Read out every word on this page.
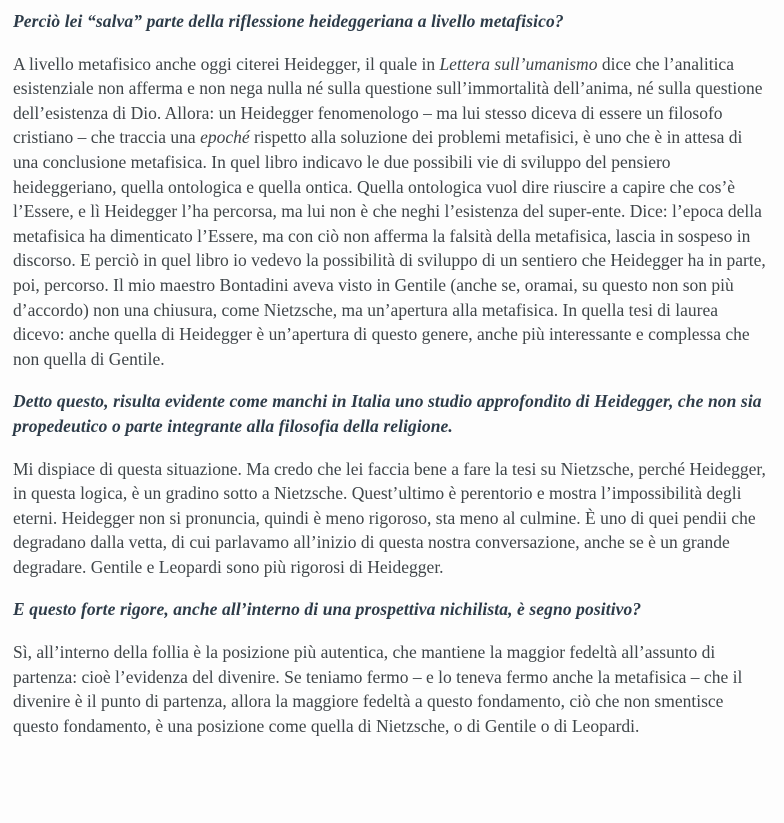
Perciò lei “salva” parte della riflessione heideggeriana a livello metafisico?

A livello metafisico anche oggi citerei Heidegger, il quale in Lettera sull’umanismo dice che l’analitica esistenziale non afferma e non nega nulla né sulla questione sull’immortalità dell’anima, né sulla questione dell’esistenza di Dio. Allora: un Heidegger fenomenologo – ma lui stesso diceva di essere un filosofo cristiano – che traccia una epoché rispetto alla soluzione dei problemi metafisici, è uno che è in attesa di una conclusione metafisica. In quel libro indicavo le due possibili vie di sviluppo del pensiero heideggeriano, quella ontologica e quella ontica. Quella ontologica vuol dire riuscire a capire che cos’è l’Essere, e lì Heidegger l’ha percorsa, ma lui non è che neghi l’esistenza del super-ente. Dice: l’epoca della metafisica ha dimenticato l’Essere, ma con ciò non afferma la falsità della metafisica, lascia in sospeso in discorso. E perciò in quel libro io vedevo la possibilità di sviluppo di un sentiero che Heidegger ha in parte, poi, percorso. Il mio maestro Bontadini aveva visto in Gentile (anche se, oramai, su questo non son più d’accordo) non una chiusura, come Nietzsche, ma un’apertura alla metafisica. In quella tesi di laurea dicevo: anche quella di Heidegger è un’apertura di questo genere, anche più interessante e complessa che non quella di Gentile.

Detto questo, risulta evidente come manchi in Italia uno studio approfondito di Heidegger, che non sia propedeutico o parte integrante alla filosofia della religione.

Mi dispiace di questa situazione. Ma credo che lei faccia bene a fare la tesi su Nietzsche, perché Heidegger, in questa logica, è un gradino sotto a Nietzsche. Quest’ultimo è perentorio e mostra l’impossibilità degli eterni. Heidegger non si pronuncia, quindi è meno rigoroso, sta meno al culmine. È uno di quei pendii che degradano dalla vetta, di cui parlavamo all’inizio di questa nostra conversazione, anche se è un grande degradare. Gentile e Leopardi sono più rigorosi di Heidegger.

E questo forte rigore, anche all’interno di una prospettiva nichilista, è segno positivo?

Sì, all’interno della follia è la posizione più autentica, che mantiene la maggior fedeltà all’assunto di partenza: cioè l’evidenza del divenire. Se teniamo fermo – e lo teneva fermo anche la metafisica – che il divenire è il punto di partenza, allora la maggiore fedeltà a questo fondamento, ciò che non smentisce questo fondamento, è una posizione come quella di Nietzsche, o di Gentile o di Leopardi.
